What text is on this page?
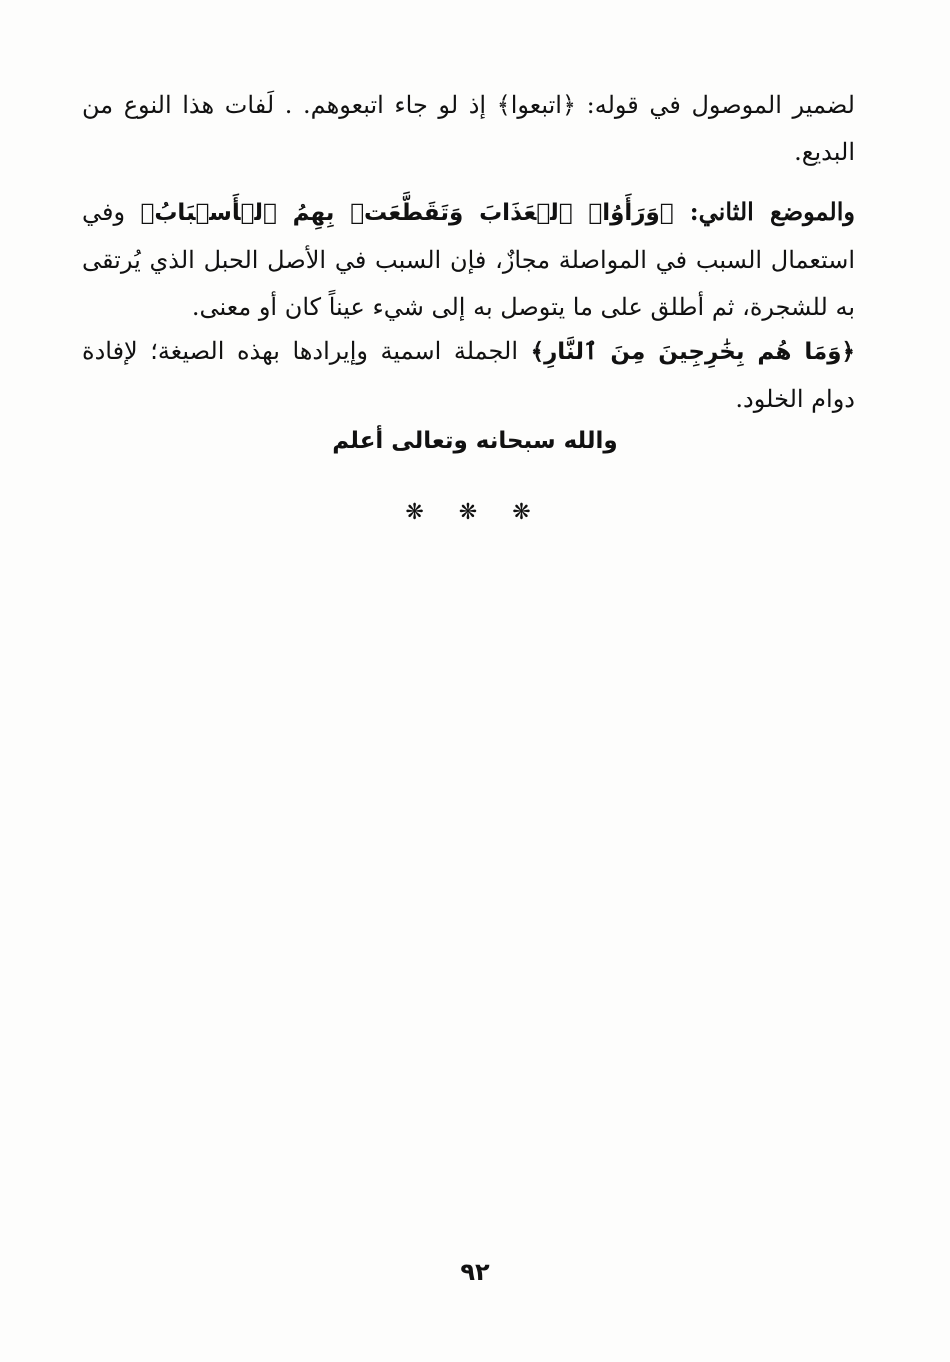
لضمير الموصول في قوله: ﴿اتبعوا﴾ إذ لو جاء اتبعوهم. . لَفات هذا النوع من البديع.

والموضع الثاني: ﴿وَرَأَوُا۟ ٱلۡعَذَابَ وَتَقَطَّعَتۡ بِهِمُ ٱلۡأَسۡبَابُ﴾ وفي استعمال السبب في المواصلة مجازٌ، فإن السبب في الأصل الحبل الذي يُرتقى به للشجرة، ثم أطلق على ما يتوصل به إلى شيء عيناً كان أو معنى.

﴿وَمَا هُم بِخَٰرِجِينَ مِنَ ٱلنَّارِ﴾ الجملة اسمية وإيرادها بهذه الصيغة؛ لإفادة دوام الخلود.

والله سبحانه وتعالى أعلم
❋ ❋ ❋
٩٢
